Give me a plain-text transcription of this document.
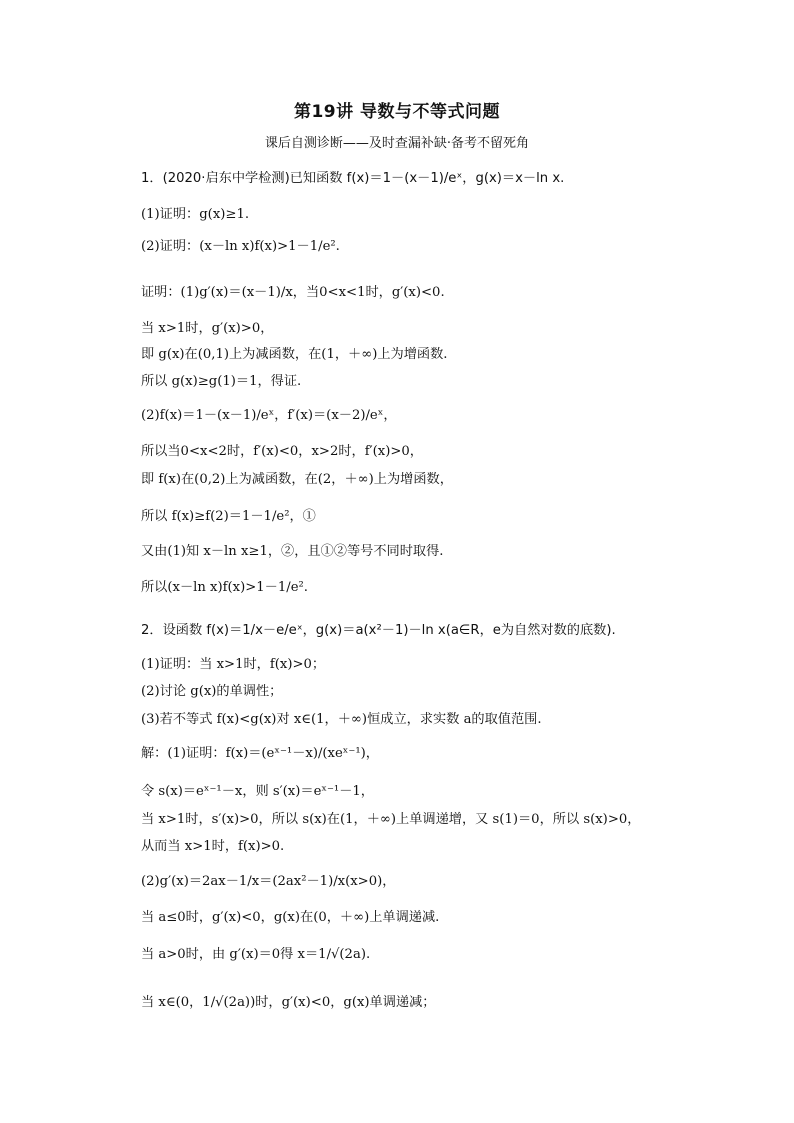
第19讲 导数与不等式问题
课后自测诊断——及时查漏补缺·备考不留死角
1．(2020·启东中学检测)已知函数 f(x)＝1－(x－1)/eˣ，g(x)＝x－ln x.
(1)证明：g(x)≥1.
(2)证明：(x－ln x)f(x)>1－1/e².
证明：(1)g′(x)＝(x－1)/x，当0<x<1时，g′(x)<0.
当 x>1时，g′(x)>0，
即 g(x)在(0,1)上为减函数，在(1，＋∞)上为增函数.
所以 g(x)≥g(1)＝1，得证.
(2)f(x)＝1－(x－1)/eˣ，f′(x)＝(x－2)/eˣ，
所以当0<x<2时，f′(x)<0，x>2时，f′(x)>0，
即 f(x)在(0,2)上为减函数，在(2，＋∞)上为增函数，
所以 f(x)≥f(2)＝1－1/e²，①
又由(1)知 x－ln x≥1，②，且①②等号不同时取得.
所以(x－ln x)f(x)>1－1/e².
2．设函数 f(x)＝1/x－e/eˣ，g(x)＝a(x²－1)－ln x(a∈R，e为自然对数的底数).
(1)证明：当 x>1时，f(x)>0；
(2)讨论 g(x)的单调性；
(3)若不等式 f(x)<g(x)对 x∈(1，＋∞)恒成立，求实数 a的取值范围.
解：(1)证明：f(x)＝(eˣ⁻¹－x)/(xeˣ⁻¹)，
令 s(x)＝eˣ⁻¹－x，则 s′(x)＝eˣ⁻¹－1，
当 x>1时，s′(x)>0，所以 s(x)在(1，＋∞)上单调递增，又 s(1)＝0，所以 s(x)>0，
从而当 x>1时，f(x)>0.
(2)g′(x)＝2ax－1/x＝(2ax²－1)/x(x>0)，
当 a≤0时，g′(x)<0，g(x)在(0，＋∞)上单调递减.
当 a>0时，由 g′(x)＝0得 x＝1/√(2a).
当 x∈(0，1/√(2a))时，g′(x)<0，g(x)单调递减；
